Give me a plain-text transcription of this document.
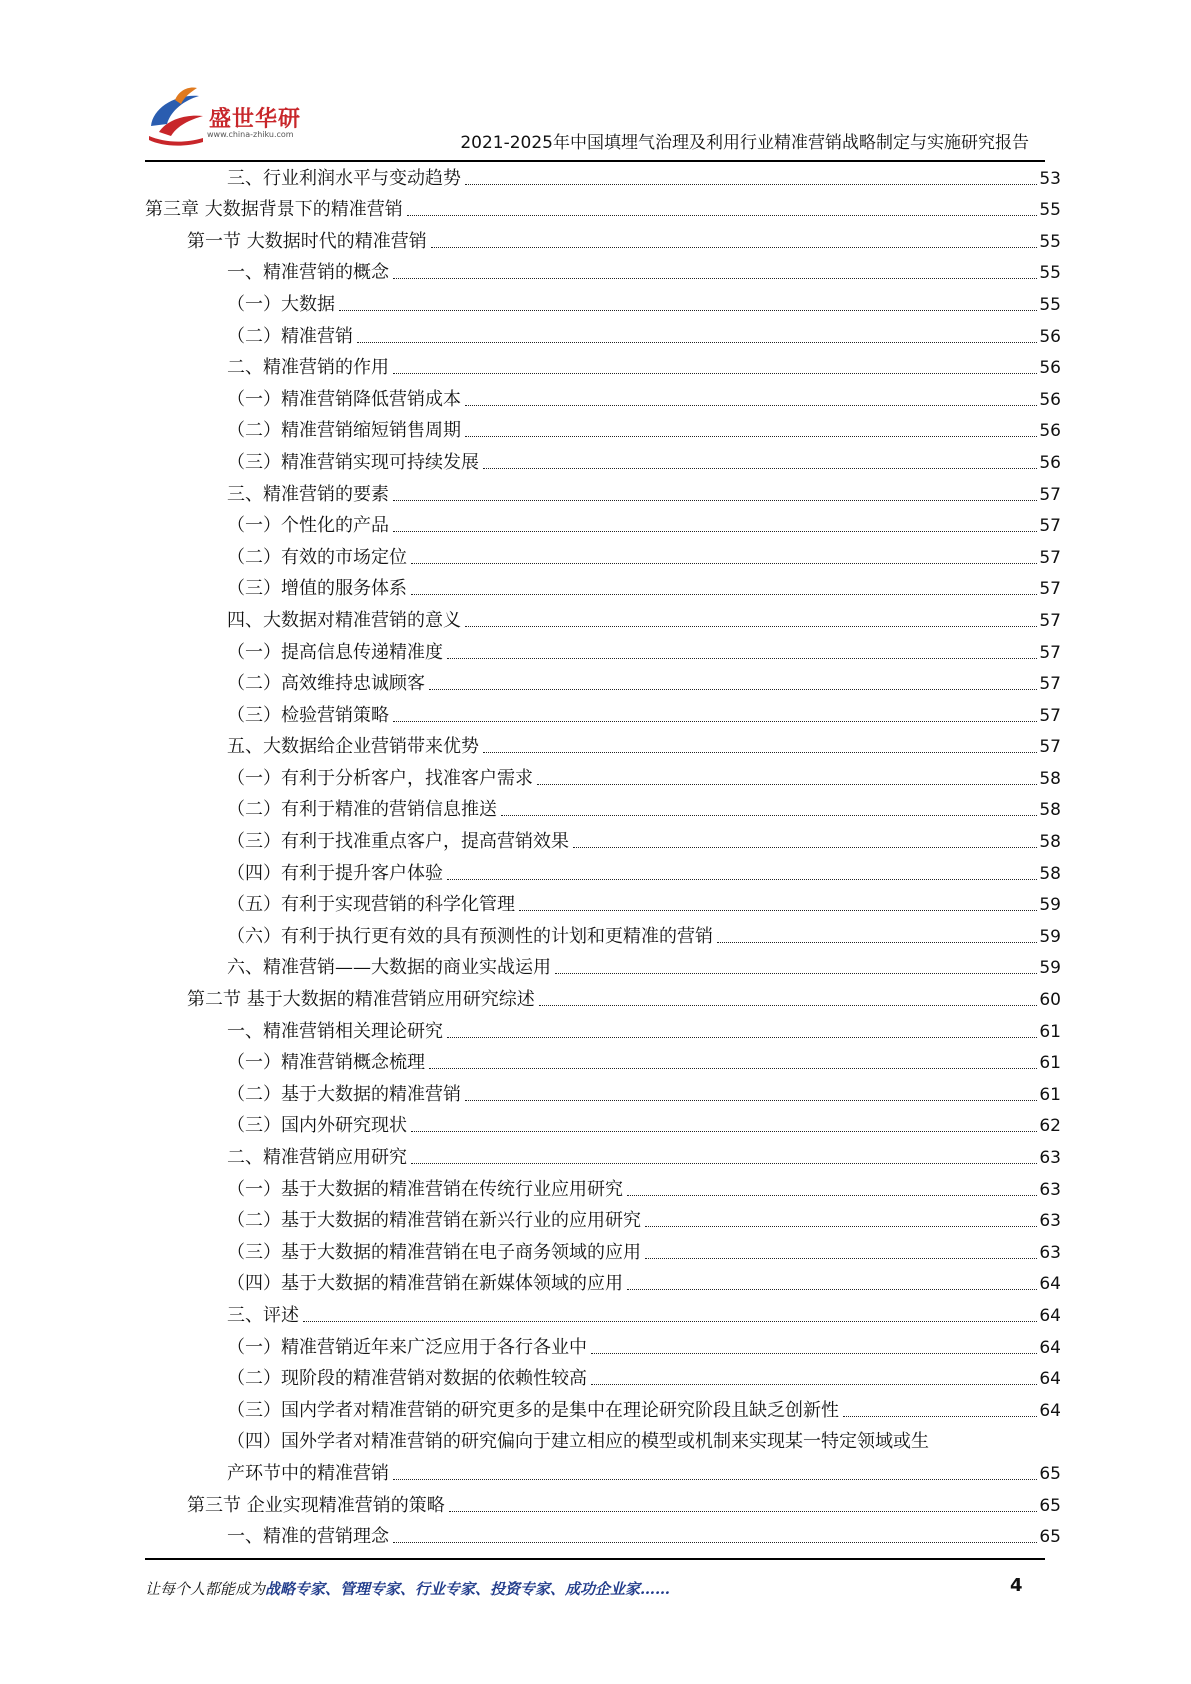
盛世华研
www.china-zhiku.com	2021-2025年中国填埋气治理及利用行业精准营销战略制定与实施研究报告
三、行业利润水平与变动趋势	53
第三章 大数据背景下的精准营销	55
第一节 大数据时代的精准营销	55
一、精准营销的概念	55
（一）大数据	55
（二）精准营销	56
二、精准营销的作用	56
（一）精准营销降低营销成本	56
（二）精准营销缩短销售周期	56
（三）精准营销实现可持续发展	56
三、精准营销的要素	57
（一）个性化的产品	57
（二）有效的市场定位	57
（三）增值的服务体系	57
四、大数据对精准营销的意义	57
（一）提高信息传递精准度	57
（二）高效维持忠诚顾客	57
（三）检验营销策略	57
五、大数据给企业营销带来优势	57
（一）有利于分析客户，找准客户需求	58
（二）有利于精准的营销信息推送	58
（三）有利于找准重点客户，提高营销效果	58
（四）有利于提升客户体验	58
（五）有利于实现营销的科学化管理	59
（六）有利于执行更有效的具有预测性的计划和更精准的营销	59
六、精准营销——大数据的商业实战运用	59
第二节 基于大数据的精准营销应用研究综述	60
一、精准营销相关理论研究	61
（一）精准营销概念梳理	61
（二）基于大数据的精准营销	61
（三）国内外研究现状	62
二、精准营销应用研究	63
（一）基于大数据的精准营销在传统行业应用研究	63
（二）基于大数据的精准营销在新兴行业的应用研究	63
（三）基于大数据的精准营销在电子商务领域的应用	63
（四）基于大数据的精准营销在新媒体领域的应用	64
三、评述	64
（一）精准营销近年来广泛应用于各行各业中	64
（二）现阶段的精准营销对数据的依赖性较高	64
（三）国内学者对精准营销的研究更多的是集中在理论研究阶段且缺乏创新性	64
（四）国外学者对精准营销的研究偏向于建立相应的模型或机制来实现某一特定领域或生
产环节中的精准营销	65
第三节 企业实现精准营销的策略	65
一、精准的营销理念	65
让每个人都能成为战略专家、管理专家、行业专家、投资专家、成功企业家……	4
